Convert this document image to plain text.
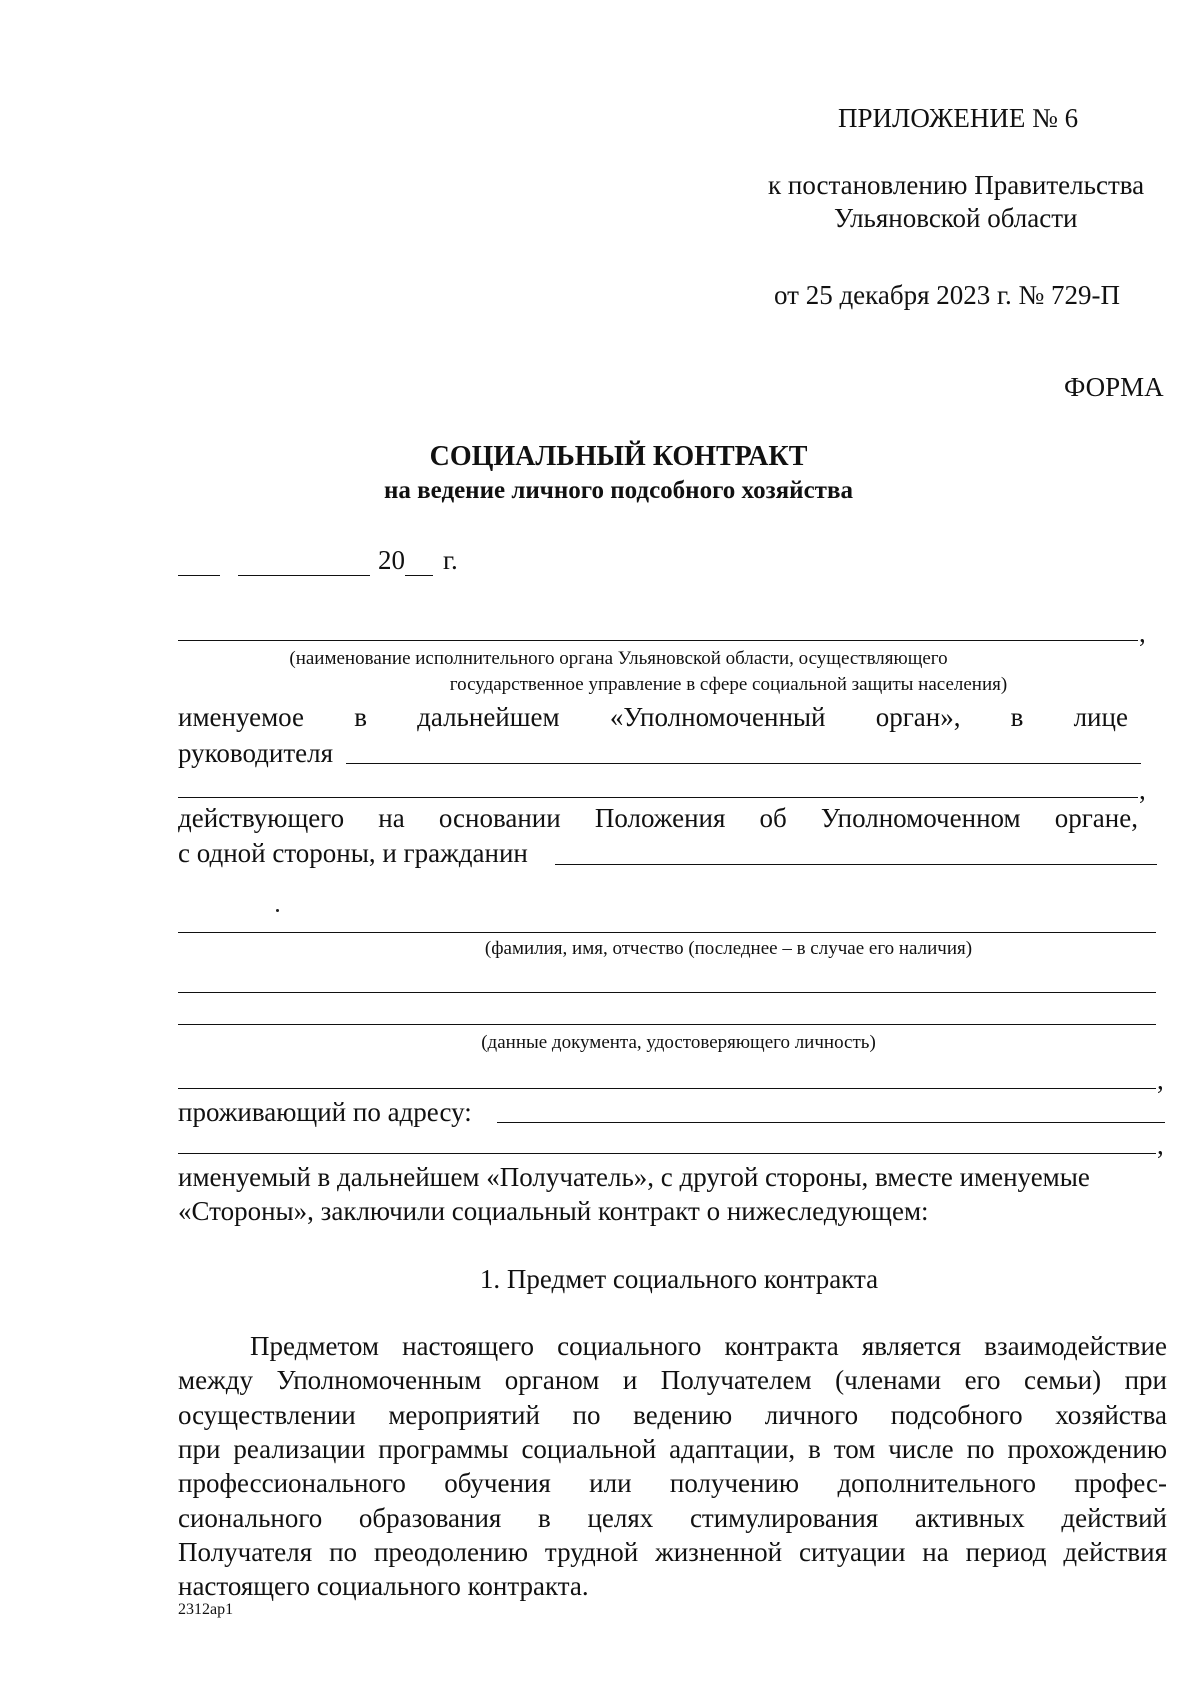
ПРИЛОЖЕНИЕ № 6
к постановлению Правительства
Ульяновской области
от 25 декабря 2023 г. № 729-П
ФОРМА
СОЦИАЛЬНЫЙ КОНТРАКТ
на ведение личного подсобного хозяйства
20 г.
,
(наименование исполнительного органа Ульяновской области, осуществляющего
государственное управление в сфере социальной защиты населения)
именуемое в дальнейшем «Уполномоченный орган», в лице
руководителя
,
действующего на основании Положения об Уполномоченном органе,
с одной стороны, и гражданин
(фамилия, имя, отчество (последнее – в случае его наличия)
(данные документа, удостоверяющего личность)
,
проживающий по адресу:
,
именуемый в дальнейшем «Получатель», с другой стороны, вместе именуемые
«Стороны», заключили социальный контракт о нижеследующем:
1. Предмет социального контракта
Предметом настоящего социального контракта является взаимодействие
между Уполномоченным органом и Получателем (членами его семьи) при
осуществлении мероприятий по ведению личного подсобного хозяйства
при реализации программы социальной адаптации, в том числе по прохождению
профессионального обучения или получению дополнительного профес-
сионального образования в целях стимулирования активных действий
Получателя по преодолению трудной жизненной ситуации на период действия
настоящего социального контракта.
2312ap1
